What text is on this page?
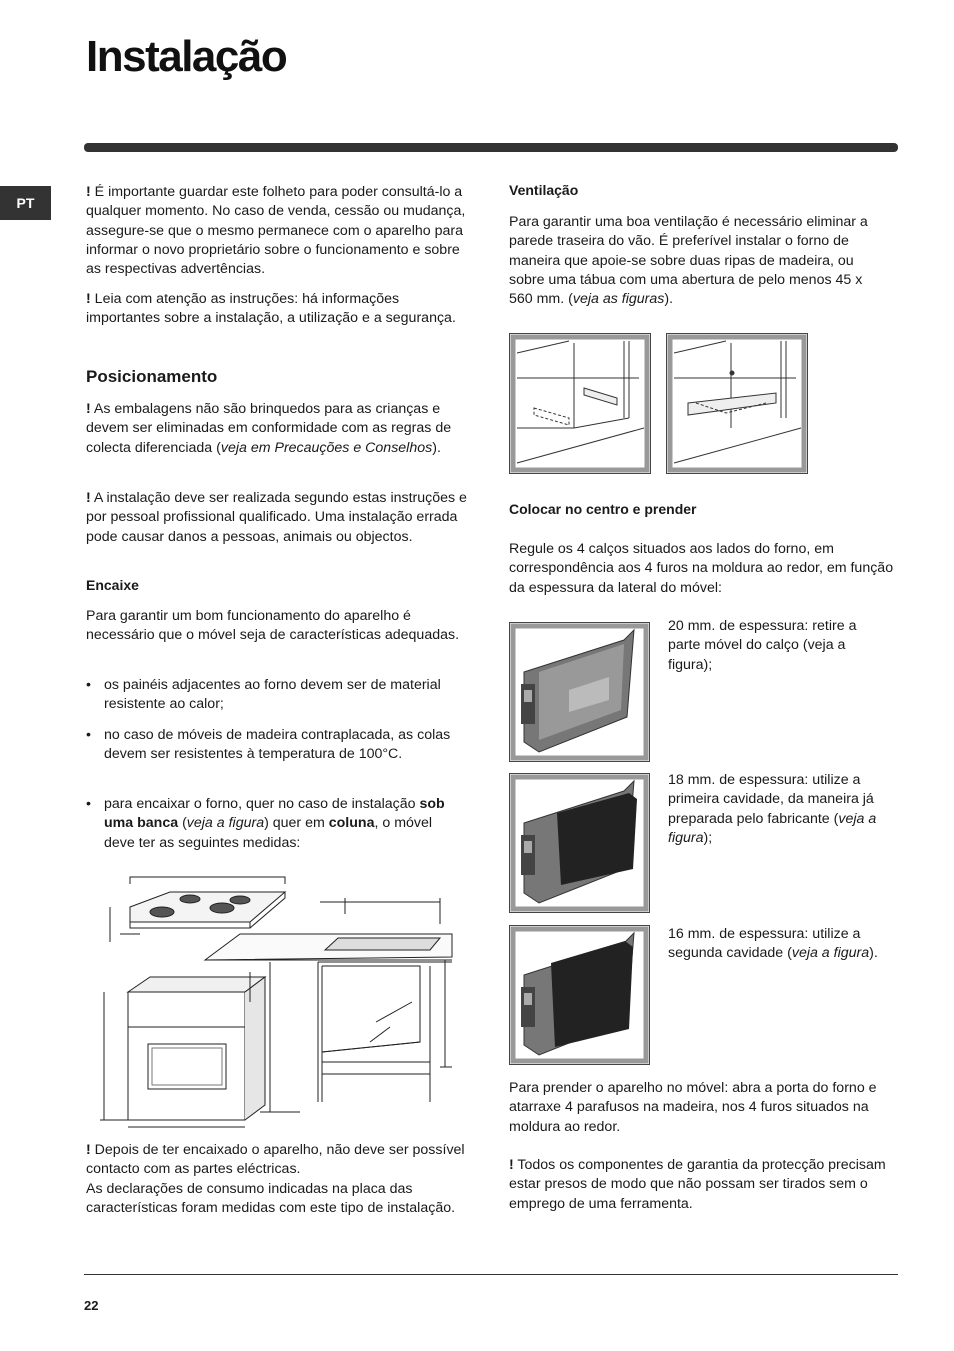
Instalação
PT

! É importante guardar este folheto para poder consultá-lo a qualquer momento. No caso de venda, cessão ou mudança, assegure-se que o mesmo permanece com o aparelho para informar o novo proprietário sobre o funcionamento e sobre as respectivas advertências.

! Leia com atenção as instruções: há informações importantes sobre a instalação, a utilização e a segurança.

Posicionamento

! As embalagens não são brinquedos para as crianças e devem ser eliminadas em conformidade com as regras de colecta diferenciada (veja em Precauções e Conselhos).

! A instalação deve ser realizada segundo estas instruções e por pessoal profissional qualificado. Uma instalação errada pode causar danos a pessoas, animais ou objectos.

Encaixe

Para garantir um bom funcionamento do aparelho é necessário que o móvel seja de características adequadas.

• os painéis adjacentes ao forno devem ser de material resistente ao calor;

• no caso de móveis de madeira contraplacada, as colas devem ser resistentes à temperatura de 100°C.

• para encaixar o forno, quer no caso de instalação sob uma banca (veja a figura) quer em coluna, o móvel deve ter as seguintes medidas:

! Depois de ter encaixado o aparelho, não deve ser possível contacto com as partes eléctricas.

As declarações de consumo indicadas na placa das características foram medidas com este tipo de instalação.

Ventilação

Para garantir uma boa ventilação é necessário eliminar a parede traseira do vão. É preferível instalar o forno de maneira que apoie-se sobre duas ripas de madeira, ou sobre uma tábua com uma abertura de pelo menos 45 x 560 mm. (veja as figuras).

Colocar no centro e prender

Regule os 4 calços situados aos lados do forno, em correspondência aos 4 furos na moldura ao redor, em função da espessura da lateral do móvel:

20 mm. de espessura: retire a parte móvel do calço (veja a figura);

18 mm. de espessura: utilize a primeira cavidade, da maneira já preparada pelo fabricante (veja a figura);

16 mm. de espessura: utilize a segunda cavidade (veja a figura).

Para prender o aparelho no móvel: abra a porta do forno e atarraxe 4 parafusos na madeira, nos 4 furos situados na moldura ao redor.

! Todos os componentes de garantia da protecção precisam estar presos de modo que não possam ser tirados sem o emprego de uma ferramenta.

22
